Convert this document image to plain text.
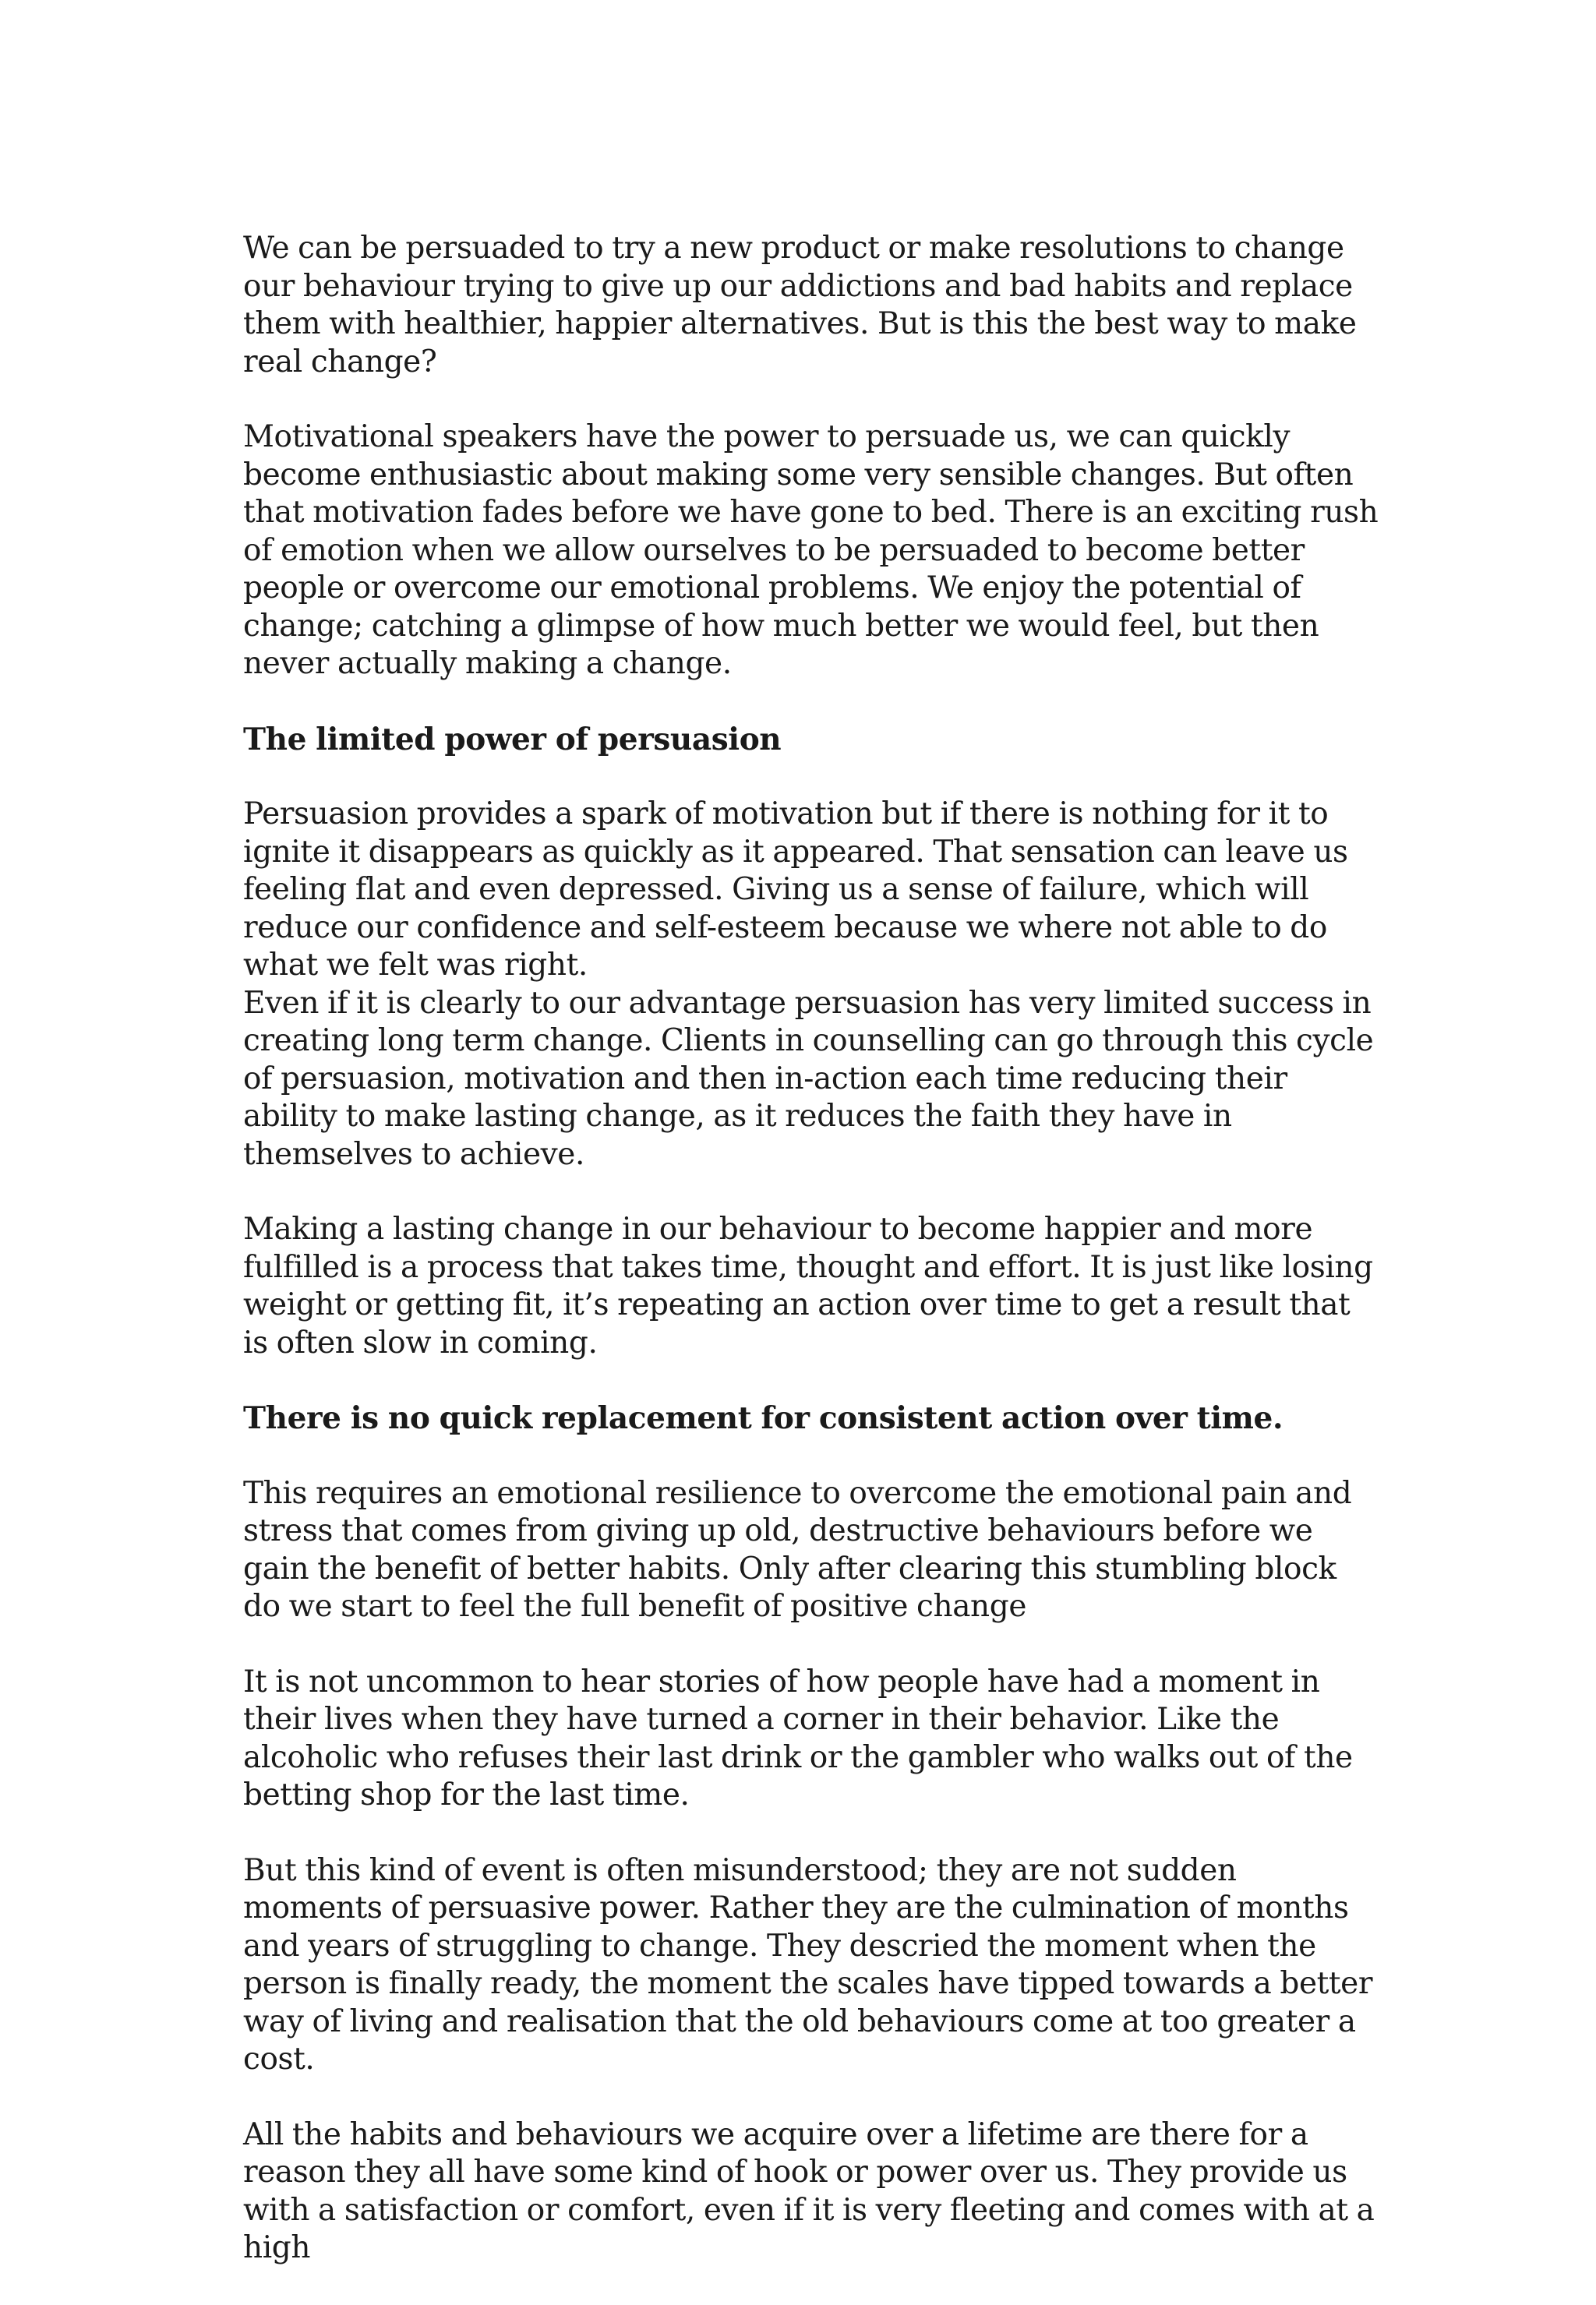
We can be persuaded to try a new product or make resolutions to change our behaviour trying to give up our addictions and bad habits and replace them with healthier, happier alternatives. But is this the best way to make real change?

Motivational speakers have the power to persuade us, we can quickly become enthusiastic about making some very sensible changes. But often that motivation fades before we have gone to bed. There is an exciting rush of emotion when we allow ourselves to be persuaded to become better people or overcome our emotional problems. We enjoy the potential of change; catching a glimpse of how much better we would feel, but then never actually making a change.

The limited power of persuasion

Persuasion provides a spark of motivation but if there is nothing for it to ignite it disappears as quickly as it appeared. That sensation can leave us feeling flat and even depressed. Giving us a sense of failure, which will reduce our confidence and self-esteem because we where not able to do what we felt was right.

Even if it is clearly to our advantage persuasion has very limited success in creating long term change. Clients in counselling can go through this cycle of persuasion, motivation and then in-action each time reducing their ability to make lasting change, as it reduces the faith they have in themselves to achieve.

Making a lasting change in our behaviour to become happier and more fulfilled is a process that takes time, thought and effort. It is just like losing weight or getting fit, it’s repeating an action over time to get a result that is often slow in coming.

There is no quick replacement for consistent action over time.

This requires an emotional resilience to overcome the emotional pain and stress that comes from giving up old, destructive behaviours before we gain the benefit of better habits. Only after clearing this stumbling block do we start to feel the full benefit of positive change

It is not uncommon to hear stories of how people have had a moment in their lives when they have turned a corner in their behavior. Like the alcoholic who refuses their last drink or the gambler who walks out of the betting shop for the last time.

But this kind of event is often misunderstood; they are not sudden moments of persuasive power. Rather they are the culmination of months and years of struggling to change. They descried the moment when the person is finally ready, the moment the scales have tipped towards a better way of living and realisation that the old behaviours come at too greater a cost.

All the habits and behaviours we acquire over a lifetime are there for a reason they all have some kind of hook or power over us. They provide us with a satisfaction or comfort, even if it is very fleeting and comes with at a high
